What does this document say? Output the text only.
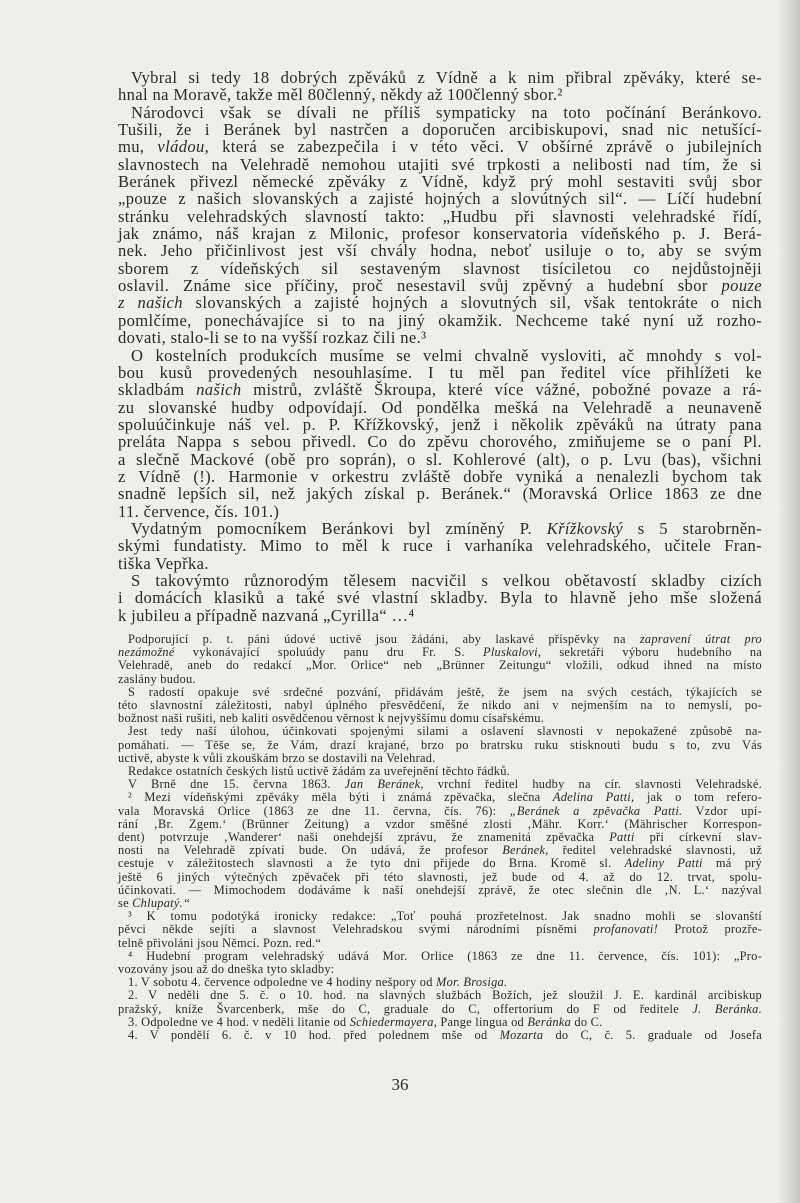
Vybral si tedy 18 dobrých zpěváků z Vídně a k nim přibral zpěváky, které se-
hnal na Moravě, takže měl 80členný, někdy až 100členný sbor.²
Národovci však se dívali ne příliš sympaticky na toto počínání Beránkovo.
Tušili, že i Beránek byl nastrčen a doporučen arcibiskupovi, snad nic netušící-
mu, vládou, která se zabezpečila i v této věci. V obšírné zprávě o jubilejních
slavnostech na Velehradě nemohou utajiti své trpkosti a nelibosti nad tím, že si
Beránek přivezl německé zpěváky z Vídně, když prý mohl sestaviti svůj sbor
„pouze z našich slovanských a zajisté hojných a slovútných sil“. — Líčí hudební
stránku velehradských slavností takto: „Hudbu při slavnosti velehradské řídí,
jak známo, náš krajan z Milonic, profesor konservatoria vídeňského p. J. Berá-
nek. Jeho přičinlivost jest vší chvály hodna, neboť usiluje o to, aby se svým
sborem z vídeňských sil sestaveným slavnost tisíciletou co nejdůstojněji
oslavil. Známe sice příčiny, proč nesestavil svůj zpěvný a hudební sbor pouze
z našich slovanských a zajisté hojných a slovutných sil, však tentokráte o nich
pomlčíme, ponechávajíce si to na jiný okamžik. Nechceme také nyní už rozho-
dovati, stalo-li se to na vyšší rozkaz čili ne.³
O kostelních produkcích musíme se velmi chvalně vysloviti, ač mnohdy s vol-
bou kusů provedených nesouhlasíme. I tu měl pan ředitel více přihlížeti ke
skladbám našich mistrů, zvláště Škroupa, které více vážné, pobožné povaze a rá-
zu slovanské hudby odpovídají. Od pondělka mešká na Velehradě a neunaveně
spoluúčinkuje náš vel. p. P. Křížkovský, jenž i několik zpěváků na útraty pana
preláta Nappa s sebou přivedl. Co do zpěvu chorového, zmiňujeme se o paní Pl.
a slečně Mackové (obě pro soprán), o sl. Kohlerové (alt), o p. Lvu (bas), všichni
z Vídně (!). Harmonie v orkestru zvláště dobře vyniká a nenalezli bychom tak
snadně lepších sil, než jakých získal p. Beránek.“ (Moravská Orlice 1863 ze dne
11. července, čís. 101.)
Vydatným pomocníkem Beránkovi byl zmíněný P. Křížkovský s 5 starobrněn-
skými fundatisty. Mimo to měl k ruce i varhaníka velehradského, učitele Fran-
tiška Vepřka.
S takovýmto různorodým tělesem nacvičil s velkou obětavostí skladby cizích
i domácích klasiků a také své vlastní skladby. Byla to hlavně jeho mše složená
k jubileu a případně nazvaná „Cyrilla“ …⁴
Podporující p. t. páni údové uctivě jsou žádáni, aby laskavé příspěvky na zapravení útrat pro
nezámožné vykonávající spoluúdy panu dru Fr. S. Pluskalovi, sekretáři výboru hudebního na
Velehradě, aneb do redakcí „Mor. Orlice“ neb „Brünner Zeitungu“ vložili, odkud ihned na místo
zaslány budou.
S radostí opakuje své srdečné pozvání, přidávám ještě, že jsem na svých cestách, týkajících se
této slavnostní záležitosti, nabyl úplného přesvědčení, že nikdo ani v nejmenším na to nemyslí, po-
božnost naši rušiti, neb kaliti osvědčenou věrnost k nejvyššímu domu císařskému.
Jest tedy naší úlohou, účinkovati spojenými silami a oslavení slavnosti v nepokažené způsobě na-
pomáhati. — Těše se, že Vám, drazí krajané, brzo po bratrsku ruku stisknouti budu s to, zvu Vás
uctivě, abyste k vůli zkouškám brzo se dostavili na Velehrad.
Redakce ostatních českých listů uctivě žádám za uveřejnění těchto řádků.
V Brně dne 15. června 1863. Jan Beránek, vrchní ředitel hudby na cír. slavnosti Velehradské.
² Mezi vídeňskými zpěváky měla býti i známá zpěvačka, slečna Adelina Patti, jak o tom refero-
vala Moravská Orlice (1863 ze dne 11. června, čís. 76): „Beránek a zpěvačka Patti. Vzdor upí-
rání ‚Br. Zgem.‘ (Brünner Zeitung) a vzdor směšné zlosti ‚Mähr. Korr.‘ (Mährischer Korrespon-
dent) potvrzuje ‚Wanderer‘ naši onehdejší zprávu, že znamenitá zpěvačka Patti při církevní slav-
nosti na Velehradě zpívati bude. On udává, že profesor Beránek, ředitel velehradské slavnosti, už
cestuje v záležitostech slavnosti a že tyto dni přijede do Brna. Kromě sl. Adeliny Patti má prý
ještě 6 jiných výtečných zpěvaček při této slavnosti, jež bude od 4. až do 12. trvat, spolu-
účinkovati. — Mimochodem dodáváme k naší onehdejší zprávě, že otec slečnin dle ‚N. L.‘ nazýval
se Chlupatý.“
³ K tomu podotýká ironicky redakce: „Toť pouhá prozřetelnost. Jak snadno mohli se slovanští
pěvci někde sejíti a slavnost Velehradskou svými národními písněmi profanovati! Protož prozře-
telně přivoláni jsou Němci. Pozn. red.“
⁴ Hudební program velehradský udává Mor. Orlice (1863 ze dne 11. července, čís. 101): „Pro-
vozovány jsou až do dneška tyto skladby:
1. V sobotu 4. července odpoledne ve 4 hodiny nešpory od Mor. Brosiga.
2. V neděli dne 5. č. o 10. hod. na slavných službách Božích, jež sloužil J. E. kardinál arcibiskup
pražský, kníže Švarcenberk, mše do C, graduale do C, offertorium do F od ředitele J. Beránka.
3. Odpoledne ve 4 hod. v neděli litanie od Schiedermayera, Pange lingua od Beránka do C.
4. V pondělí 6. č. v 10 hod. před polednem mše od Mozarta do C, č. 5. graduale od Josefa
36
